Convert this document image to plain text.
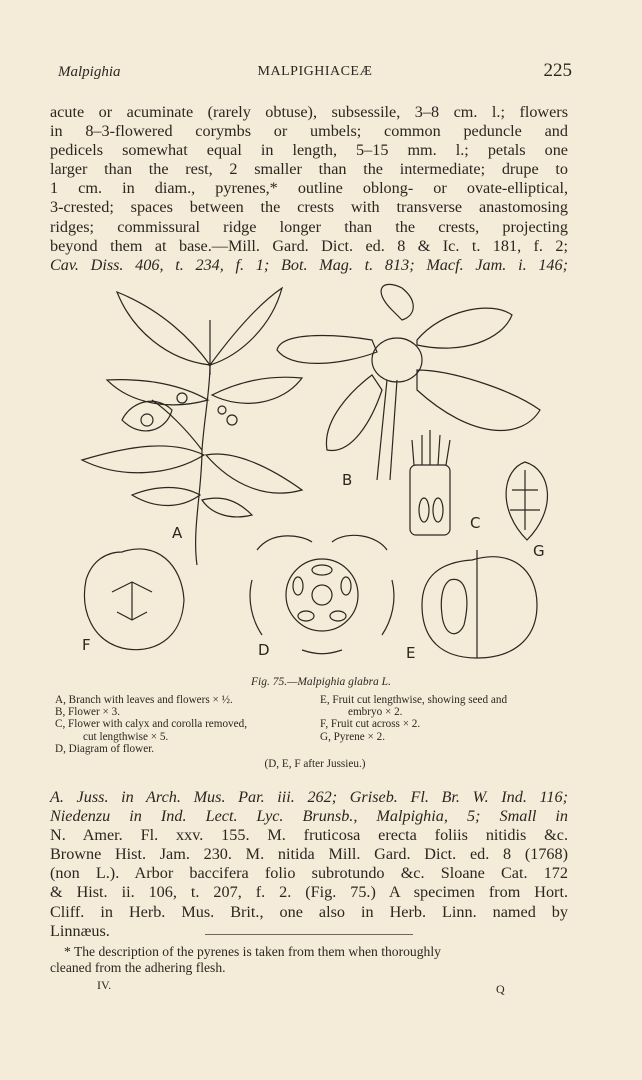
Malpighia	MALPIGHIACEÆ	225
acute or acuminate (rarely obtuse), subsessile, 3–8 cm. l.; flowers
in 8–3-flowered corymbs or umbels; common peduncle and
pedicels somewhat equal in length, 5–15 mm. l.; petals one
larger than the rest, 2 smaller than the intermediate; drupe to
1 cm. in diam., pyrenes,* outline oblong- or ovate-elliptical,
3-crested; spaces between the crests with transverse anastomosing
ridges; commissural ridge longer than the crests, projecting
beyond them at base.—Mill. Gard. Dict. ed. 8 & Ic. t. 181, f. 2;
Cav. Diss. 406, t. 234, f. 1; Bot. Mag. t. 813; Macf. Jam. i. 146;
A
B
C
D	E
F
G
Fig. 75.—Malpighia glabra L.
A, Branch with leaves and flowers × ½.
B, Flower × 3.
C, Flower with calyx and corolla removed,
cut lengthwise × 5.
D, Diagram of flower.
E, Fruit cut lengthwise, showing seed and
embryo × 2.
F, Fruit cut across × 2.
G, Pyrene × 2.
(D, E, F after Jussieu.)
A. Juss. in Arch. Mus. Par. iii. 262; Griseb. Fl. Br. W. Ind. 116;
Niedenzu in Ind. Lect. Lyc. Brunsb., Malpighia, 5; Small in
N. Amer. Fl. xxv. 155. M. fruticosa erecta foliis nitidis &c.
Browne Hist. Jam. 230. M. nitida Mill. Gard. Dict. ed. 8 (1768)
(non L.). Arbor baccifera folio subrotundo &c. Sloane Cat. 172
& Hist. ii. 106, t. 207, f. 2. (Fig. 75.) A specimen from Hort.
Cliff. in Herb. Mus. Brit., one also in Herb. Linn. named by
Linnæus.
* The description of the pyrenes is taken from them when thoroughly
cleaned from the adhering flesh.
IV.	Q
